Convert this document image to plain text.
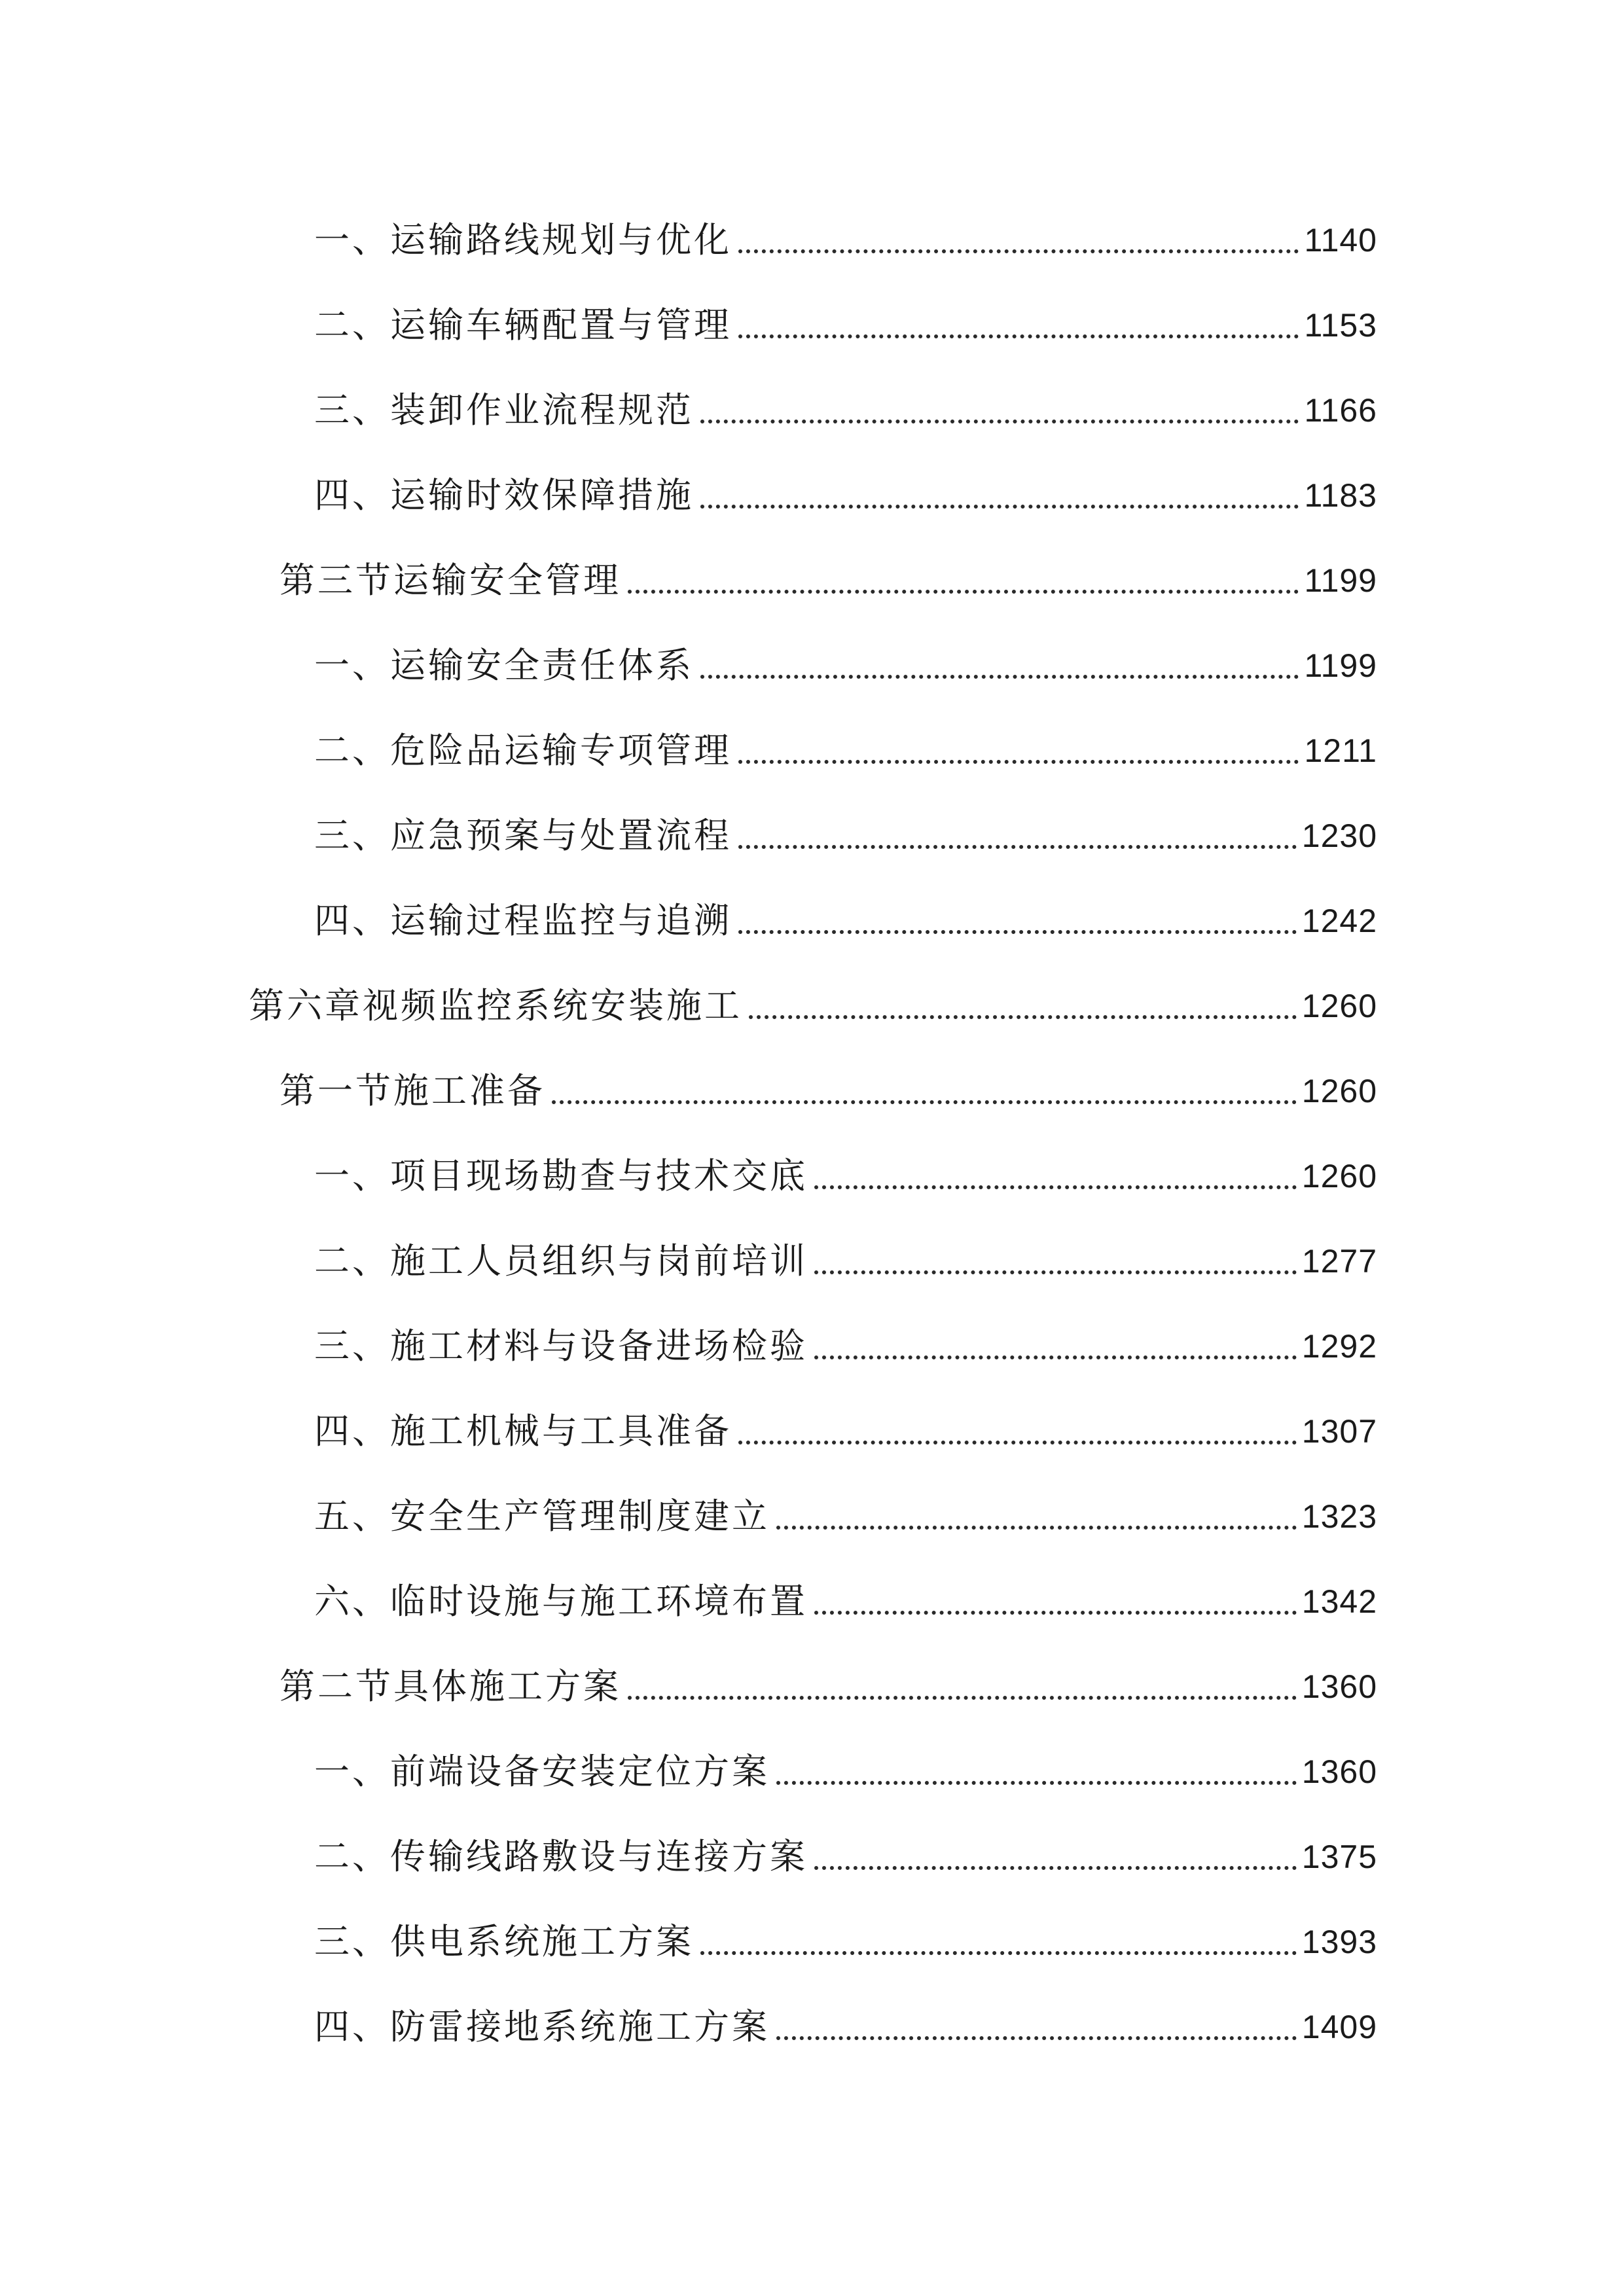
一、运输路线规划与优化	1140
二、运输车辆配置与管理	1153
三、装卸作业流程规范	1166
四、运输时效保障措施	1183
第三节运输安全管理	1199
一、运输安全责任体系	1199
二、危险品运输专项管理	1211
三、应急预案与处置流程	1230
四、运输过程监控与追溯	1242
第六章视频监控系统安装施工	1260
第一节施工准备	1260
一、项目现场勘查与技术交底	1260
二、施工人员组织与岗前培训	1277
三、施工材料与设备进场检验	1292
四、施工机械与工具准备	1307
五、安全生产管理制度建立	1323
六、临时设施与施工环境布置	1342
第二节具体施工方案	1360
一、前端设备安装定位方案	1360
二、传输线路敷设与连接方案	1375
三、供电系统施工方案	1393
四、防雷接地系统施工方案	1409
